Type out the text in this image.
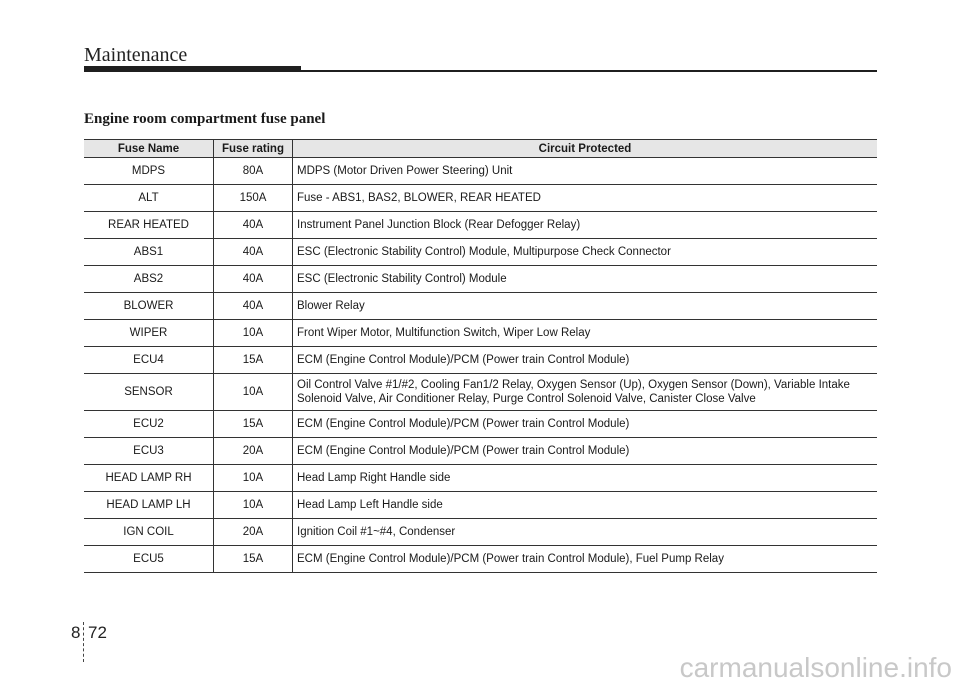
Maintenance
Engine room compartment fuse panel
Fuse Name	Fuse rating	Circuit Protected
MDPS	80A	MDPS (Motor Driven Power Steering) Unit
ALT	150A	Fuse - ABS1, BAS2, BLOWER, REAR HEATED
REAR HEATED	40A	Instrument Panel Junction Block (Rear Defogger Relay)
ABS1	40A	ESC (Electronic Stability Control) Module, Multipurpose Check Connector
ABS2	40A	ESC (Electronic Stability Control) Module
BLOWER	40A	Blower Relay
WIPER	10A	Front Wiper Motor, Multifunction Switch, Wiper Low Relay
ECU4	15A	ECM (Engine Control Module)/PCM (Power train Control Module)
SENSOR	10A	Oil Control Valve #1/#2, Cooling Fan1/2 Relay, Oxygen Sensor (Up), Oxygen Sensor (Down), Variable Intake Solenoid Valve, Air Conditioner Relay, Purge Control Solenoid Valve, Canister Close Valve
ECU2	15A	ECM (Engine Control Module)/PCM (Power train Control Module)
ECU3	20A	ECM (Engine Control Module)/PCM (Power train Control Module)
HEAD LAMP RH	10A	Head Lamp Right Handle side
HEAD LAMP LH	10A	Head Lamp Left Handle side
IGN COIL	20A	Ignition Coil #1~#4, Condenser
ECU5	15A	ECM (Engine Control Module)/PCM (Power train Control Module), Fuel Pump Relay
8 72
carmanualsonline.info
